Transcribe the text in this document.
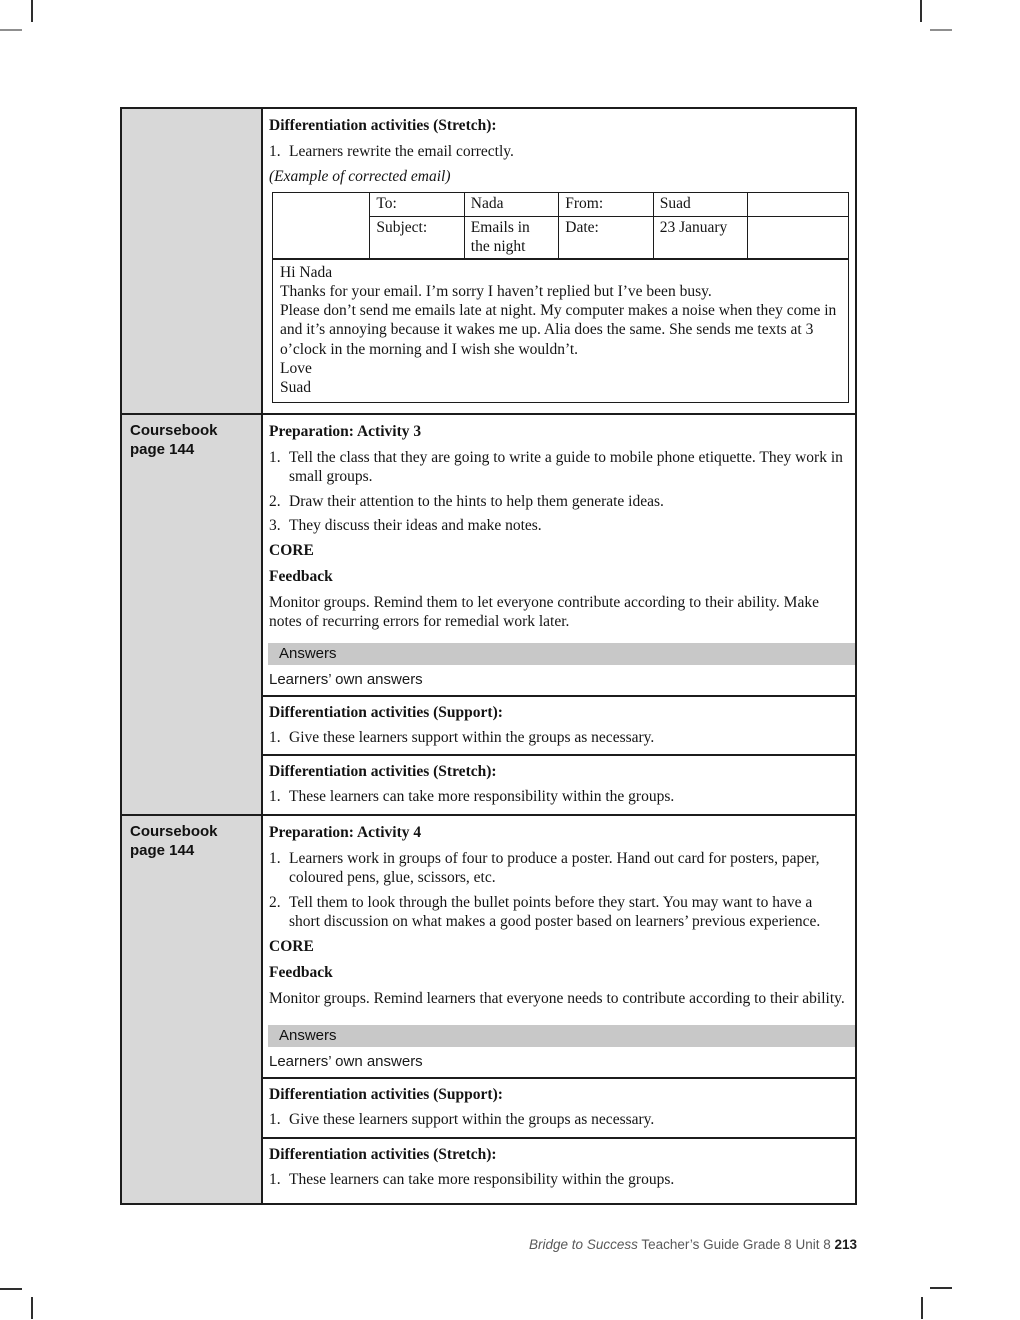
Differentiation activities (Stretch):
1. Learners rewrite the email correctly.
(Example of corrected email)
	To:	Nada	From:	Suad	
	Subject:	Emails in the night	Date:	23 January	
Hi Nada
Thanks for your email. I’m sorry I haven’t replied but I’ve been busy.
Please don’t send me emails late at night. My computer makes a noise when they come in and it’s annoying because it wakes me up. Alia does the same. She sends me texts at 3 o’clock in the morning and I wish she wouldn’t.
Love
Suad
Coursebook
page 144
Preparation: Activity 3
1. Tell the class that they are going to write a guide to mobile phone etiquette. They work in small groups.
2. Draw their attention to the hints to help them generate ideas.
3. They discuss their ideas and make notes.
CORE
Feedback
Monitor groups. Remind them to let everyone contribute according to their ability. Make notes of recurring errors for remedial work later.
Answers
Learners’ own answers
Differentiation activities (Support):
1. Give these learners support within the groups as necessary.
Differentiation activities (Stretch):
1. These learners can take more responsibility within the groups.
Coursebook
page 144
Preparation: Activity 4
1. Learners work in groups of four to produce a poster. Hand out card for posters, paper, coloured pens, glue, scissors, etc.
2. Tell them to look through the bullet points before they start. You may want to have a short discussion on what makes a good poster based on learners’ previous experience.
CORE
Feedback
Monitor groups. Remind learners that everyone needs to contribute according to their ability.
Answers
Learners’ own answers
Differentiation activities (Support):
1. Give these learners support within the groups as necessary.
Differentiation activities (Stretch):
1. These learners can take more responsibility within the groups.
Bridge to Success Teacher’s Guide Grade 8 Unit 8 213
